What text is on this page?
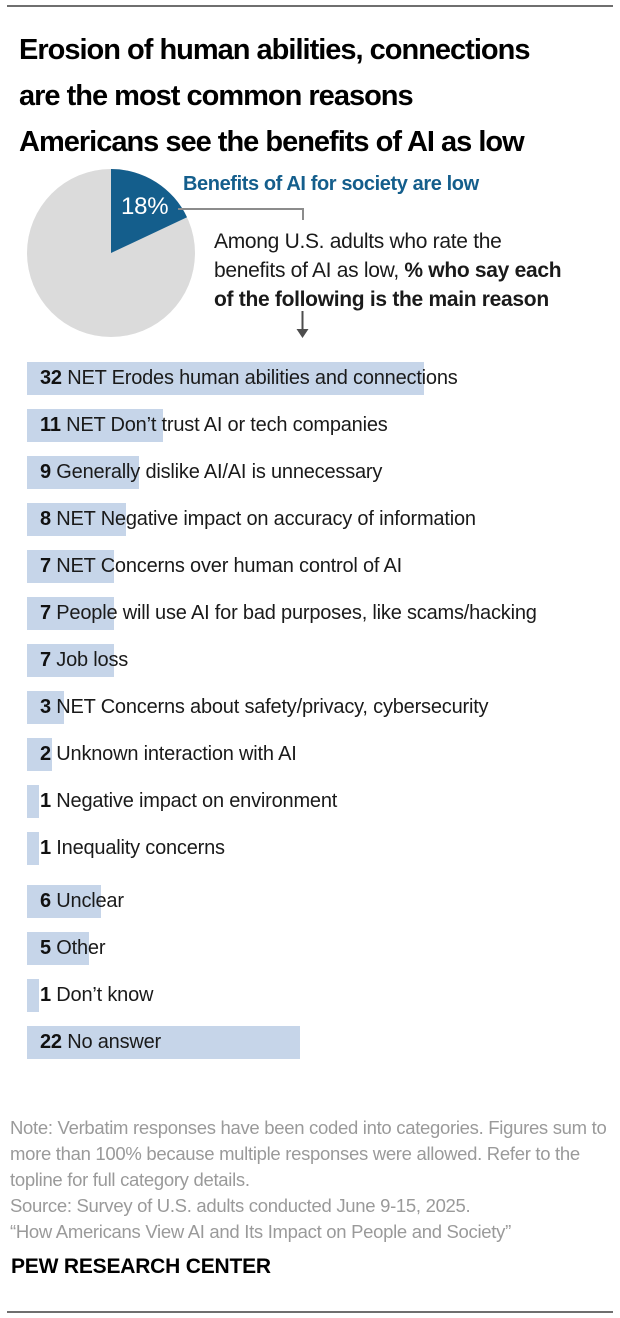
Erosion of human abilities, connections
are the most common reasons
Americans see the benefits of AI as low
18%
Benefits of AI for society are low
Among U.S. adults who rate the
benefits of AI as low, % who say each
of the following is the main reason
32 NET Erodes human abilities and connections
11 NET Don’t trust AI or tech companies
9 Generally dislike AI/AI is unnecessary
8 NET Negative impact on accuracy of information
7 NET Concerns over human control of AI
7 People will use AI for bad purposes, like scams/hacking
7 Job loss
3 NET Concerns about safety/privacy, cybersecurity
2 Unknown interaction with AI
1 Negative impact on environment
1 Inequality concerns
6 Unclear
5 Other
1 Don’t know
22 No answer

Note: Verbatim responses have been coded into categories. Figures sum to more than 100% because multiple responses were allowed. Refer to the topline for full category details.

Source: Survey of U.S. adults conducted June 9-15, 2025.

“How Americans View AI and Its Impact on People and Society”

PEW RESEARCH CENTER
